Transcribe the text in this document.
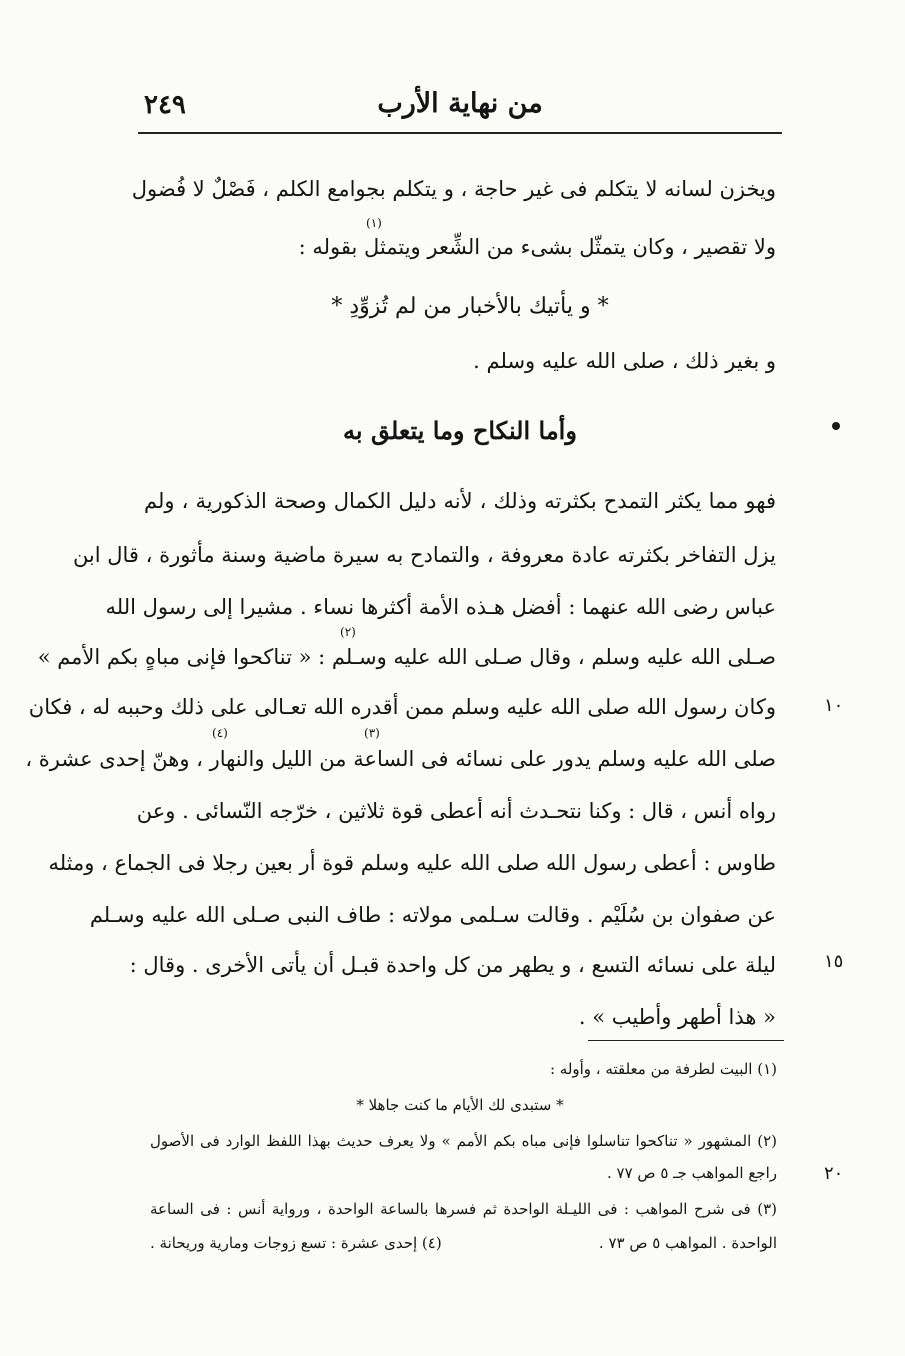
٢٤٩	من نهاية الأرب
ويخزن لسانه لا يتكلم فى غير حاجة ، و يتكلم بجوامع الكلم ، فَصْلٌ لا فُضول
(١)
ولا تقصير ، وكان يتمثّل بشىء من الشِّعر ويتمثل بقوله :
* و يأتيك بالأخبار من لم تُزوِّدِ *
و بغير ذلك ، صلى الله عليه وسلم .
وأما النكاح وما يتعلق به
فهو مما يكثر التمدح بكثرته وذلك ، لأنه دليل الكمال وصحة الذكورية ، ولم
يزل التفاخر بكثرته عادة معروفة ، والتمادح به سيرة ماضية وسنة مأثورة ، قال ابن
عباس رضى الله عنهما : أفضل هـذه الأمة أكثرها نساء . مشيرا إلى رسول الله
(٢)
صـلى الله عليه وسلم ، وقال صـلى الله عليه وسـلم : « تناكحوا فإنى مباهٍ بكم الأمم »
١٠
وكان رسول الله صلى الله عليه وسلم ممن أقدره الله تعـالى على ذلك وحببه له ، فكان
(٣)
(٤)
صلى الله عليه وسلم يدور على نسائه فى الساعة من الليل والنهار ، وهنّ إحدى عشرة ،
رواه أنس ، قال : وكنا نتحـدث أنه أعطى قوة ثلاثين ، خرّجه النّسائى . وعن
طاوس : أعطى رسول الله صلى الله عليه وسلم قوة أر بعين رجلا فى الجماع ، ومثله
عن صفوان بن سُلَيْم . وقالت سـلمى مولاته : طاف النبى صـلى الله عليه وسـلم
١٥
ليلة على نسائه التسع ، و يطهر من كل واحدة قبـل أن يأتى الأخرى . وقال :
« هذا أطهر وأطيب » .
(١) البيت لطرفة من معلقته ، وأوله :
* ستبدى لك الأيام ما كنت جاهلا *
(٢) المشهور « تناكحوا تناسلوا فإنى مباه بكم الأمم » ولا يعرف حديث بهذا اللفظ الوارد فى الأصول
٢٠
راجع المواهب جـ ٥ ص ٧٧ .
(٣) فى شرح المواهب : فى الليـلة الواحدة ثم فسرها بالساعة الواحدة ، ورواية أنس : فى الساعة
الواحدة . المواهب ٥ ص ٧٣ .
(٤) إحدى عشرة : تسع زوجات ومارية وريحانة .
